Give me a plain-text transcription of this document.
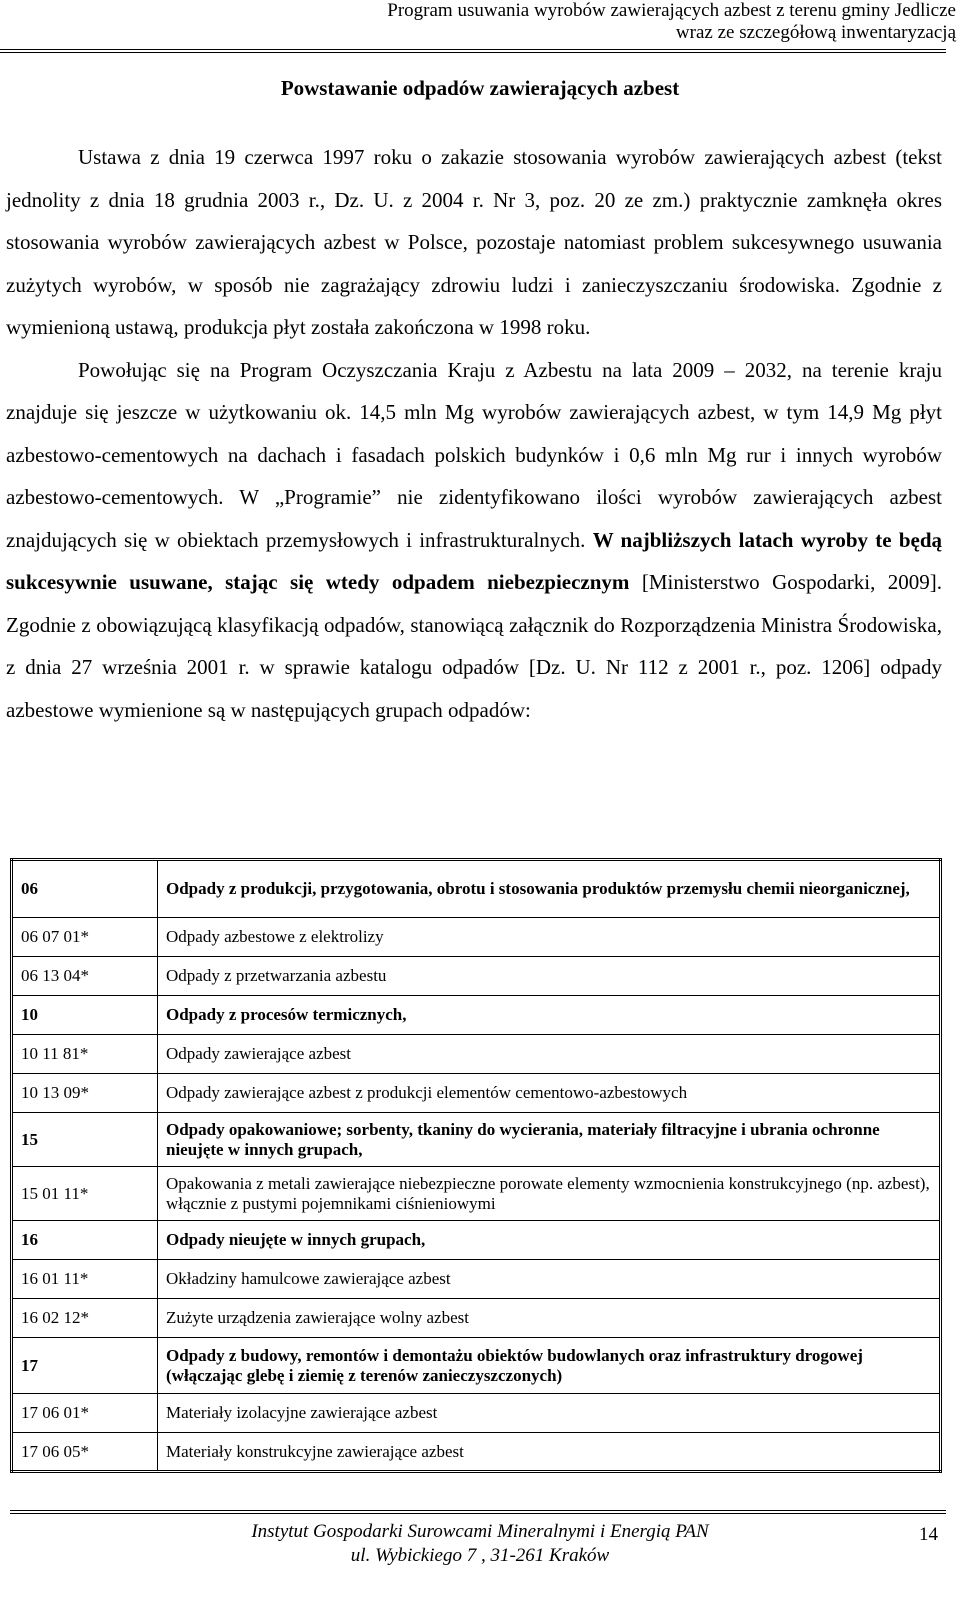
Program usuwania wyrobów zawierających azbest z terenu gminy Jedlicze
wraz ze szczegółową inwentaryzacją
Powstawanie odpadów zawierających azbest

Ustawa z dnia 19 czerwca 1997 roku o zakazie stosowania wyrobów zawierających azbest (tekst jednolity z dnia 18 grudnia 2003 r., Dz. U. z 2004 r. Nr 3, poz. 20 ze zm.) praktycznie zamknęła okres stosowania wyrobów zawierających azbest w Polsce, pozostaje natomiast problem sukcesywnego usuwania zużytych wyrobów, w sposób nie zagrażający zdrowiu ludzi i zanieczyszczaniu środowiska. Zgodnie z wymienioną ustawą, produkcja płyt została zakończona w 1998 roku.

Powołując się na Program Oczyszczania Kraju z Azbestu na lata 2009 – 2032, na terenie kraju znajduje się jeszcze w użytkowaniu ok. 14,5 mln Mg wyrobów zawierających azbest, w tym 14,9 Mg płyt azbestowo-cementowych na dachach i fasadach polskich budynków i 0,6 mln Mg rur i innych wyrobów azbestowo-cementowych. W „Programie” nie zidentyfikowano ilości wyrobów zawierających azbest znajdujących się w obiektach przemysłowych i infrastrukturalnych. W najbliższych latach wyroby te będą sukcesywnie usuwane, stając się wtedy odpadem niebezpiecznym [Ministerstwo Gospodarki, 2009]. Zgodnie z obowiązującą klasyfikacją odpadów, stanowiącą załącznik do Rozporządzenia Ministra Środowiska, z dnia 27 września 2001 r. w sprawie katalogu odpadów [Dz. U. Nr 112 z 2001 r., poz. 1206] odpady azbestowe wymienione są w następujących grupach odpadów:

06	Odpady z produkcji, przygotowania, obrotu i stosowania produktów przemysłu chemii nieorganicznej,
06 07 01*	Odpady azbestowe z elektrolizy
06 13 04*	Odpady z przetwarzania azbestu
10	Odpady z procesów termicznych,
10 11 81*	Odpady zawierające azbest
10 13 09*	Odpady zawierające azbest z produkcji elementów cementowo-azbestowych
15	Odpady opakowaniowe; sorbenty, tkaniny do wycierania, materiały filtracyjne i ubrania ochronne nieujęte w innych grupach,
15 01 11*	Opakowania z metali zawierające niebezpieczne porowate elementy wzmocnienia konstrukcyjnego (np. azbest), włącznie z pustymi pojemnikami ciśnieniowymi
16	Odpady nieujęte w innych grupach,
16 01 11*	Okładziny hamulcowe zawierające azbest
16 02 12*	Zużyte urządzenia zawierające wolny azbest
17	Odpady z budowy, remontów i demontażu obiektów budowlanych oraz infrastruktury drogowej (włączając glebę i ziemię z terenów zanieczyszczonych)
17 06 01*	Materiały izolacyjne zawierające azbest
17 06 05*	Materiały konstrukcyjne zawierające azbest
Instytut Gospodarki Surowcami Mineralnymi i Energią PAN
ul. Wybickiego 7 , 31-261 Kraków
14
